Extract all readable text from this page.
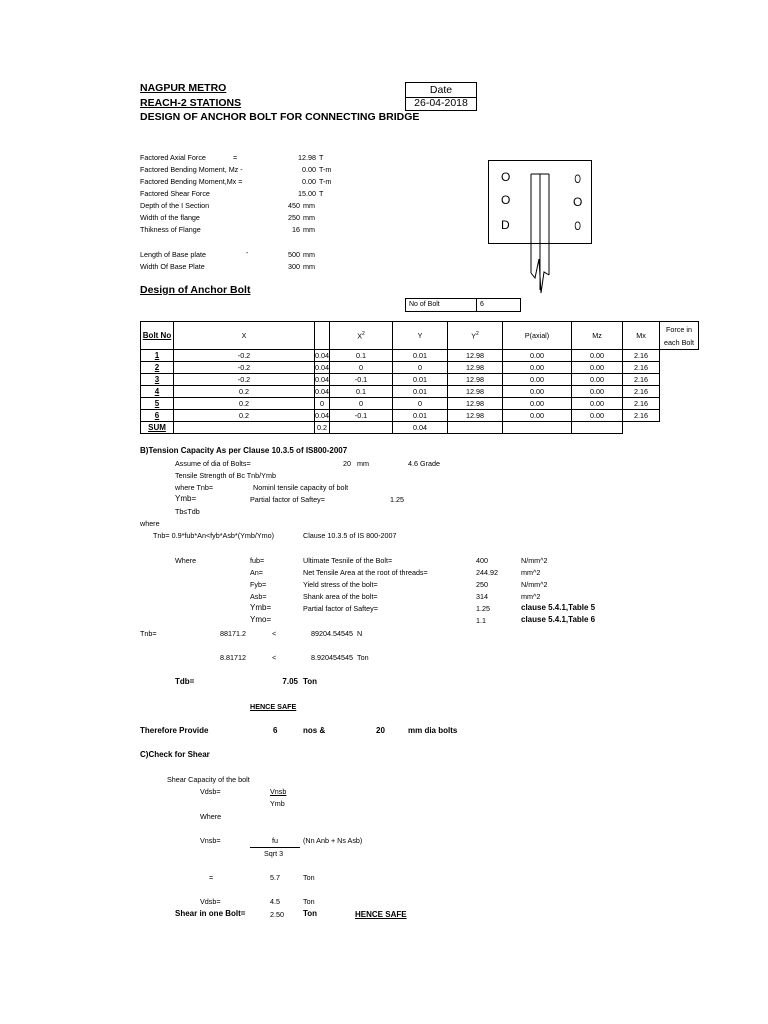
NAGPUR METRO
REACH-2 STATIONS
DESIGN OF ANCHOR BOLT FOR CONNECTING BRIDGE
Date
26-04-2018
Factored Axial Force	=	12.98 T
Factored Bending Moment, Mz -	0.00 T-m
Factored Bending Moment,Mx =	0.00 T-m
Factored Shear Force	15.00 T
Depth of the I Section	450 mm
Width of the flange	250 mm
Thikness of Flange	16 mm
Length of Base plate	-	500 mm
Width Of Base Plate	300 mm
O
O
D
O
O
O
Design of Anchor Bolt
No of Bolt	6
Bolt No	X		$X^2$	Y	$Y^2$	P(axial)	Mz	Mx	Force in
each Bolt
1	-0.2	0.04	0.1	0.01	12.98	0.00	0.00	2.16	
2	-0.2	0.04	0	0	12.98	0.00	0.00	2.16	
3	-0.2	0.04	-0.1	0.01	12.98	0.00	0.00	2.16	
4	0.2	0.04	0.1	0.01	12.98	0.00	0.00	2.16	
5	0.2	0	0	0	12.98	0.00	0.00	2.16	
6	0.2	0.04	-0.1	0.01	12.98	0.00	0.00	2.16	
SUM		0.2		0.04					
B)Tension Capacity As per Clause 10.3.5 of IS800-2007
Assume of dia of Bolts=	20 mm	4.6 Grade
Tensile Strength of Bc Tnb/Ymb
where Tnb=	Nominl tensile capacity of bolt
Ymb=	Partial factor of Saftey=	1.25
Tb≤Tdb
where
Tnb= 0.9*fub*An<fyb*Asb*(Ymb/Ymo)	Clause 10.3.5 of IS 800-2007
Where	fub=	Ultimate Tesnile of the Bolt=	400	N/mm^2
An=	Net Tensile Area at the root of threads=	244.92	mm^2
Fyb=	Yield stress of the bolt=	250	N/mm^2
Asb=	Shank area of the bolt=	314	mm^2
Ymb=	Partial factor of Saftey=	1.25	clause 5.4.1,Table 5
Ymo=	1.1	clause 5.4.1,Table 6
Tnb=	88171.2	<	89204.54545 N
8.81712	<	8.920454545 Ton
Tdb=	7.05 Ton
HENCE SAFE
Therefore Provide	6	nos &	20	mm dia bolts
C)Check for Shear
Shear Capacity of the bolt
Vdsb=	Vnsb
Ymb
Where
Vnsb=	fu	(Nn Anb + Ns Asb)
Sqrt 3
=	5.7	Ton
Vdsb=	4.5	Ton
Shear in one Bolt=	2.50 Ton	HENCE SAFE
